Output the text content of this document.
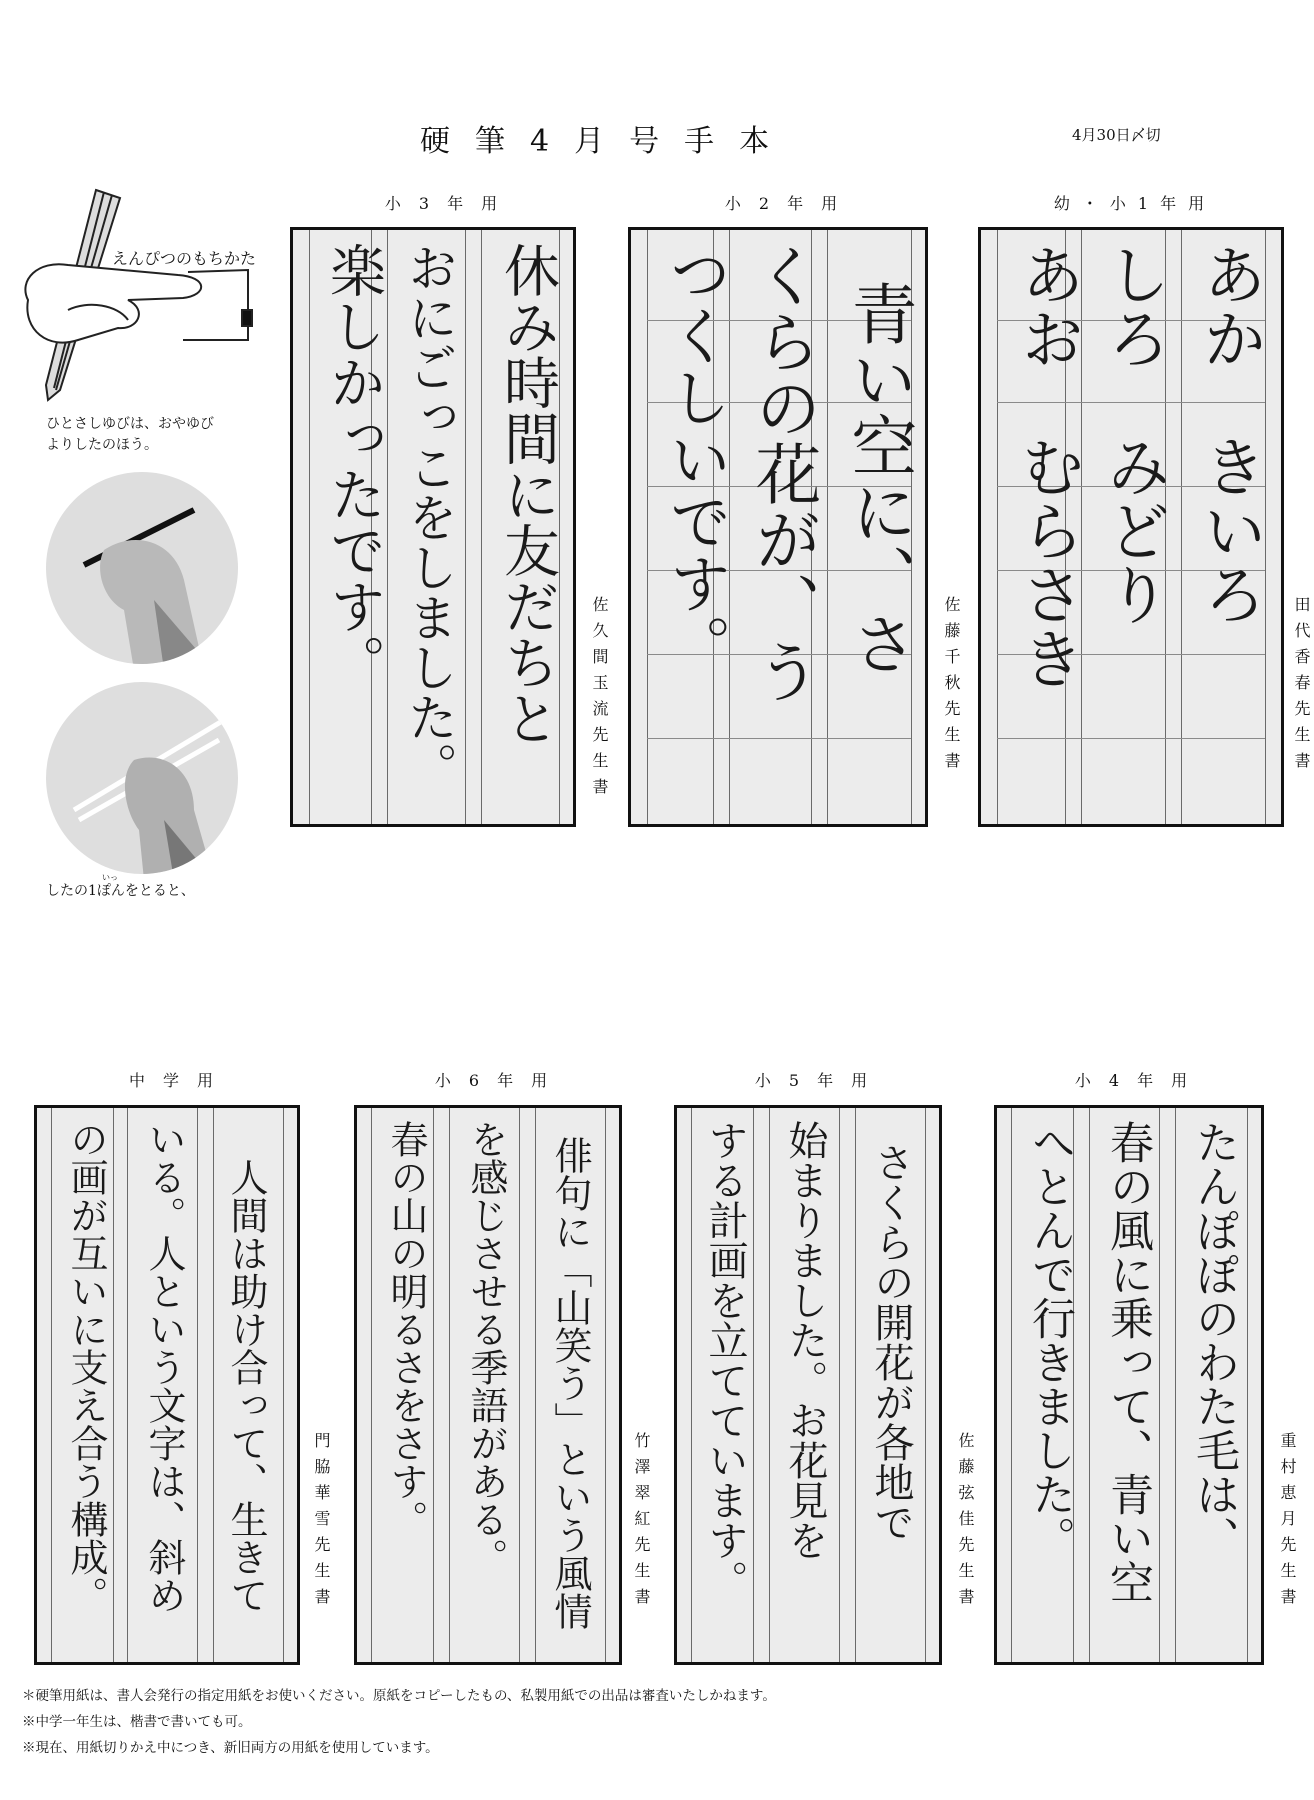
硬筆4月号手本	4月30日〆切
えんぴつのもちかた
ひとさしゆびは、おやゆび
よりしたのほう。
いっ
したの1ぽんをとると、
小3年用
休み時間に友だちと
おにごっこをしました。
楽しかったです。
佐久間玉流先生書
小2年用
青い空に、さ
くらの花が、う
つくしいです。
佐藤千秋先生書
幼・小1年用
あか　きいろ
しろ　みどり
あお　むらさき	田代香春先生書
中学用
人間は助け合って、生きて
いる。人という文字は、斜め
の画が互いに支え合う構成。	門脇華雪先生書
小6年用
俳句に「山笑う」という風情
を感じさせる季語がある。
春の山の明るさをさす。	竹澤翠紅先生書
小5年用
さくらの開花が各地で
始まりました。お花見を
する計画を立てています。	佐藤弦佳先生書
小4年用
たんぽぽのわた毛は、
春の風に乗って、青い空
へとんで行きました。	重村恵月先生書
＊硬筆用紙は、書人会発行の指定用紙をお使いください。原紙をコピーしたもの、私製用紙での出品は審査いたしかねます。
※中学一年生は、楷書で書いても可。
※現在、用紙切りかえ中につき、新旧両方の用紙を使用しています。
